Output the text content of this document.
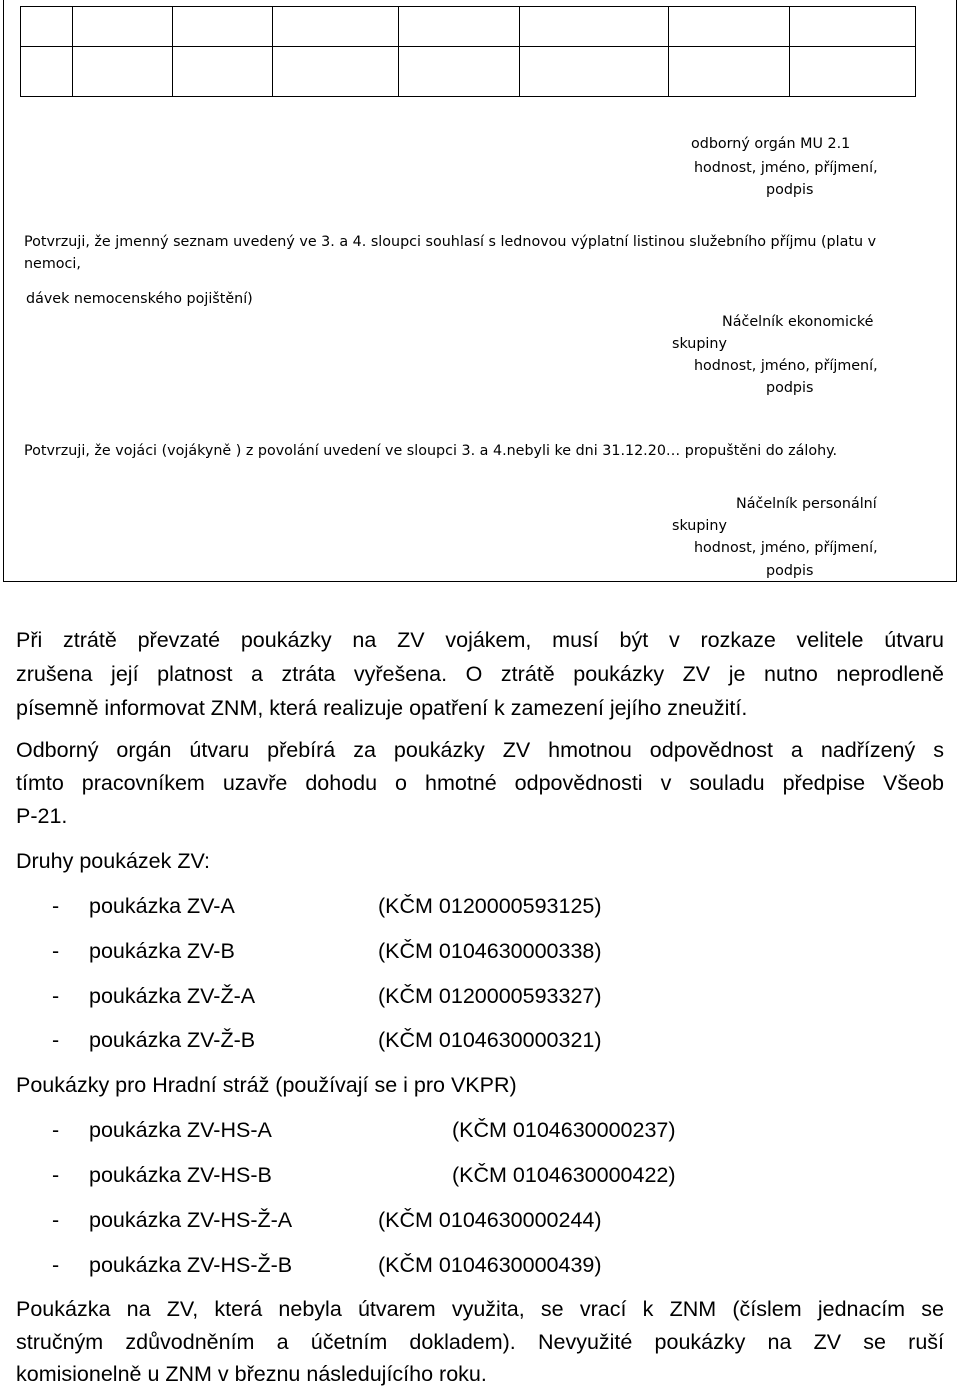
odborný orgán MU 2.1
hodnost, jméno, příjmení,
podpis
Potvrzuji, že jmenný seznam uvedený ve 3. a 4. sloupci souhlasí s lednovou výplatní listinou služebního příjmu (platu v
nemoci,
dávek nemocenského pojištění)
Náčelník ekonomické
skupiny
hodnost, jméno, příjmení,
podpis
Potvrzuji, že vojáci (vojákyně ) z povolání uvedení ve sloupci 3. a 4.nebyli ke dni 31.12.20… propuštěni do zálohy.
Náčelník personální
skupiny
hodnost, jméno, příjmení,
podpis
Při ztrátě převzaté poukázky na ZV vojákem, musí být v rozkaze velitele útvaru
zrušena její platnost a ztráta vyřešena. O ztrátě poukázky ZV je nutno neprodleně
písemně informovat ZNM, která realizuje opatření k zamezení jejího zneužití.
Odborný orgán útvaru přebírá za poukázky ZV hmotnou odpovědnost a nadřízený s
tímto pracovníkem uzavře dohodu o hmotné odpovědnosti v souladu předpise Všeob
P-21.
Druhy poukázek ZV:
- poukázka ZV-A	(KČM 0120000593125)
- poukázka ZV-B	(KČM 0104630000338)
- poukázka ZV-Ž-A	(KČM 0120000593327)
- poukázka ZV-Ž-B	(KČM 0104630000321)
Poukázky pro Hradní stráž (používají se i pro VKPR)
- poukázka ZV-HS-A	(KČM 0104630000237)
- poukázka ZV-HS-B	(KČM 0104630000422)
- poukázka ZV-HS-Ž-A	(KČM 0104630000244)
- poukázka ZV-HS-Ž-B	(KČM 0104630000439)
Poukázka na ZV, která nebyla útvarem využita, se vrací k ZNM (číslem jednacím se
stručným zdůvodněním a účetním dokladem). Nevyužité poukázky na ZV se ruší
komisionelně u ZNM v březnu následujícího roku.
